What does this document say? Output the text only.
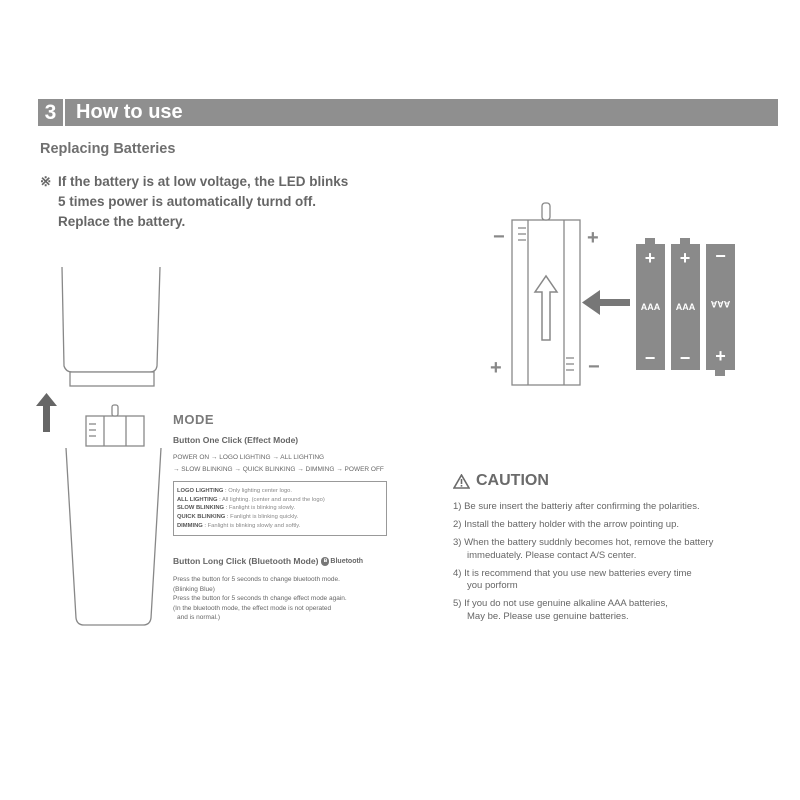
3 How to use
Replacing Batteries
※ If the battery is at low voltage, the LED blinks
5 times power is automatically turnd off.
Replace the battery.
−	+
+	−
+
AAA
−
+
AAA
−
−
AAA
+
MODE
Button One Click (Effect Mode)
POWER ON → LOGO LIGHTING → ALL LIGHTING
→ SLOW BLINKING → QUICK BLINKING → DIMMING → POWER OFF
LOGO LIGHTING : Only lighting center logo.
ALL LIGHTING : All lighting. (center and around the logo)
SLOW BLINKING : Fanlight is blinking slowly.
QUICK BLINKING : Fanlight is blinking quickly.
DIMMING : Fanlight is blinking slowly and softly.
Button Long Click (Bluetooth Mode) ʙ Bluetooth
Press the button for 5 seconds to change bluetooth mode.
(Blinking Blue)
Press the button for 5 seconds th change effect mode again.
(In the bluetooth mode, the effect mode is not operated
and is normal.)
CAUTION
1) Be sure insert the batteriy after confirming the polarities.
2) Install the battery holder with the arrow pointing up.
3) When the battery suddnly becomes hot, remove the battery
immeduately. Please contact A/S center.
4) It is recommend that you use new batteries every time
you porform
5) If you do not use genuine alkaline AAA batteries,
May be. Please use genuine batteries.
